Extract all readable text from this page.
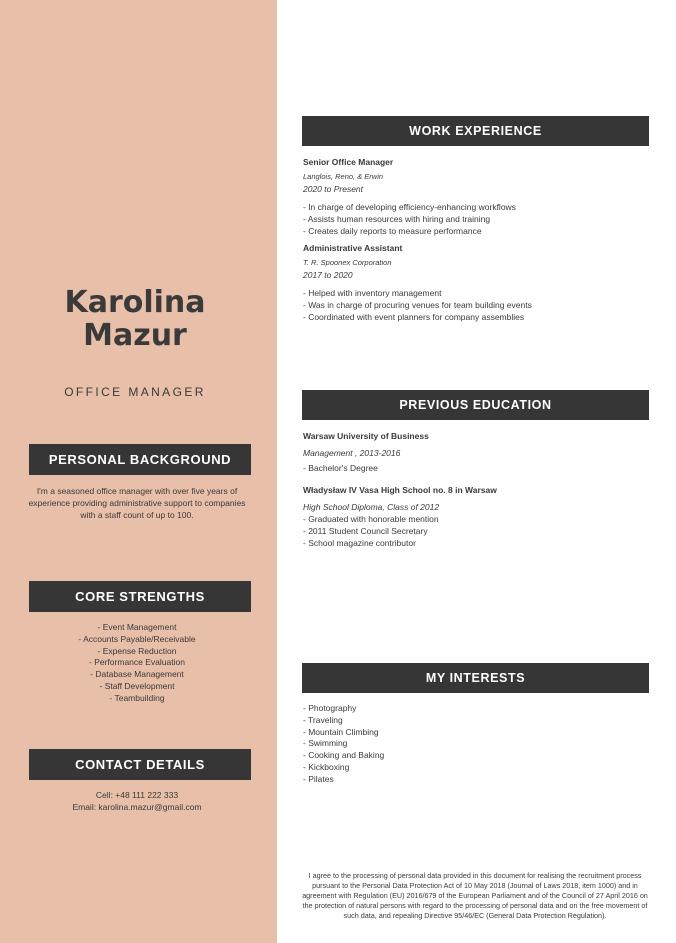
Karolina
Mazur
OFFICE MANAGER
PERSONAL BACKGROUND
I'm a seasoned office manager with over five years of experience providing administrative support to companies with a staff count of up to 100.
CORE STRENGTHS
- Event Management
- Accounts Payable/Receivable
- Expense Reduction
- Performance Evaluation
- Database Management
- Staff Development
- Teambuilding
CONTACT DETAILS
Cell: +48 111 222 333
Email: karolina.mazur@gmail.com
WORK EXPERIENCE
Senior Office Manager
Langlois, Reno, & Erwin
2020 to Present
- In charge of developing efficiency-enhancing workflows
- Assists human resources with hiring and training
- Creates daily reports to measure performance
Administrative Assistant
T. R. Spoonex Corporation
2017 to 2020
- Helped with inventory management
- Was in charge of procuring venues for team building events
- Coordinated with event planners for company assemblies
PREVIOUS EDUCATION
Warsaw University of Business
Management , 2013-2016
- Bachelor's Degree
Władysław IV Vasa High School no. 8 in Warsaw
High School Diploma, Class of 2012
- Graduated with honorable mention
- 2011 Student Council Secretary
- School magazine contributor
MY INTERESTS
- Photography
- Traveling
- Mountain Climbing
- Swimming
- Cooking and Baking
- Kickboxing
- Pilates
I agree to the processing of personal data provided in this document for realising the recruitment process pursuant to the Personal Data Protection Act of 10 May 2018 (Journal of Laws 2018, item 1000) and in agreement with Regulation (EU) 2016/679 of the European Parliament and of the Council of 27 April 2016 on the protection of natural persons with regard to the processing of personal data and on the free movement of such data, and repealing Directive 95/46/EC (General Data Protection Regulation).
